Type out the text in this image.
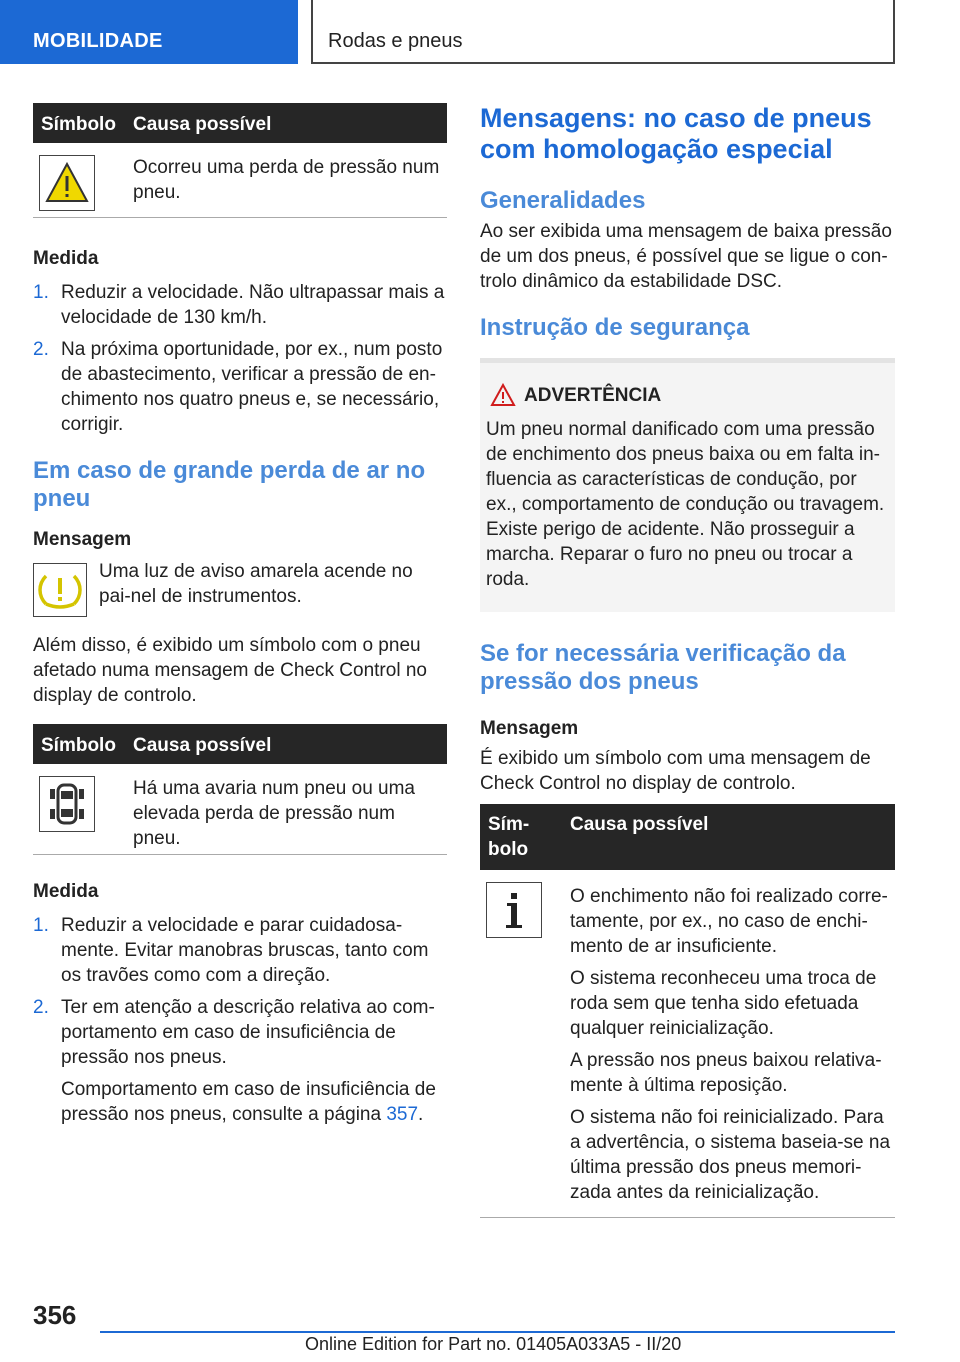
MOBILIDADE	Rodas e pneus
Símbolo Causa possível
Ocorreu uma perda de pressão num pneu.
Medida
1. Reduzir a velocidade. Não ultrapassar mais a velocidade de 130 km/h.
2. Na próxima oportunidade, por ex., num posto de abastecimento, verificar a pressão de en-chimento nos quatro pneus e, se necessário, corrigir.
Em caso de grande perda de ar no pneu
Mensagem
Uma luz de aviso amarela acende no pai-nel de instrumentos.
Além disso, é exibido um símbolo com o pneu afetado numa mensagem de Check Control no display de controlo.
Símbolo Causa possível
Há uma avaria num pneu ou uma elevada perda de pressão num pneu.
Medida
1. Reduzir a velocidade e parar cuidadosa-mente. Evitar manobras bruscas, tanto com os travões como com a direção.
2. Ter em atenção a descrição relativa ao com-portamento em caso de insuficiência de pressão nos pneus.
Comportamento em caso de insuficiência de pressão nos pneus, consulte a página 357.
Mensagens: no caso de pneus com homologação especial
Generalidades
Ao ser exibida uma mensagem de baixa pressão de um dos pneus, é possível que se ligue o con-trolo dinâmico da estabilidade DSC.
Instrução de segurança
ADVERTÊNCIA
Um pneu normal danificado com uma pressão de enchimento dos pneus baixa ou em falta in-fluencia as características de condução, por ex., comportamento de condução ou travagem. Existe perigo de acidente. Não prosseguir a marcha. Reparar o furo no pneu ou trocar a roda.
Se for necessária verificação da pressão dos pneus
Mensagem
É exibido um símbolo com uma mensagem de Check Control no display de controlo.
Sím-
bolo
Causa possível
O enchimento não foi realizado corre-tamente, por ex., no caso de enchi-mento de ar insuficiente.
O sistema reconheceu uma troca de roda sem que tenha sido efetuada qualquer reinicialização.
A pressão nos pneus baixou relativa-mente à última reposição.
O sistema não foi reinicializado. Para a advertência, o sistema baseia-se na última pressão dos pneus memori-zada antes da reinicialização.
356
Online Edition for Part no. 01405A033A5 - II/20
